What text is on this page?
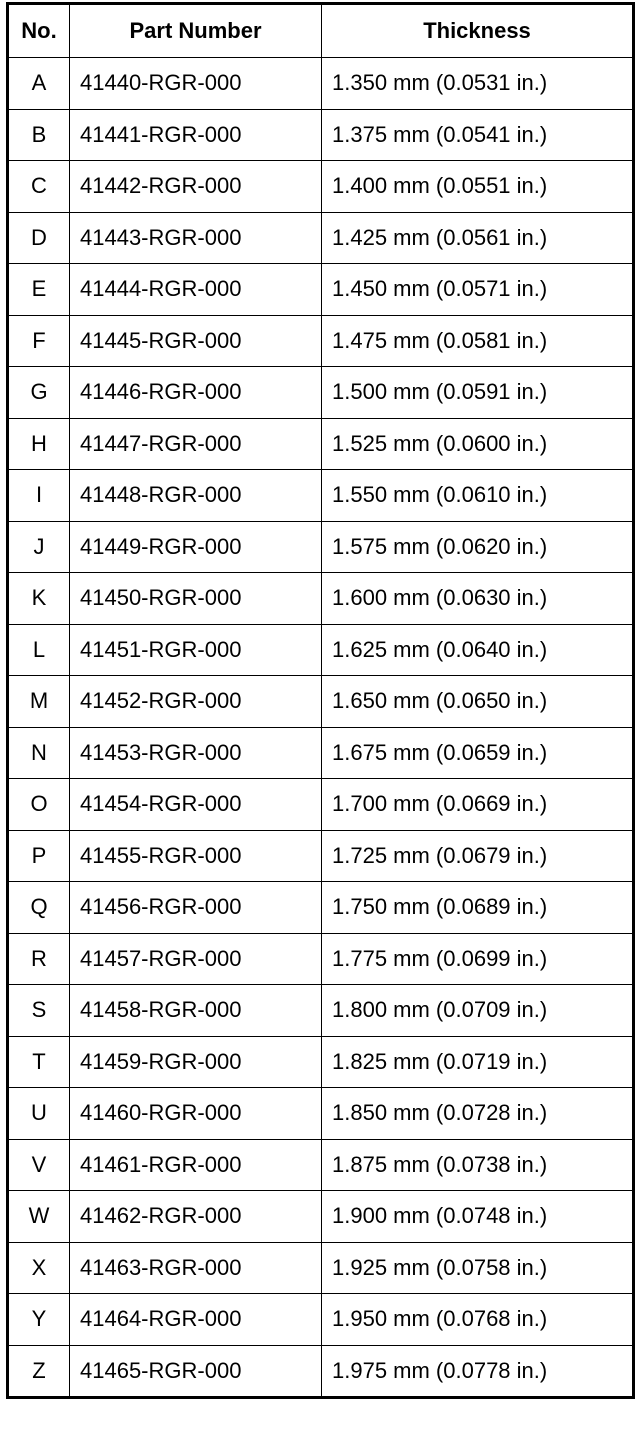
No.	Part Number	Thickness
A	41440-RGR-000	1.350 mm (0.0531 in.)
B	41441-RGR-000	1.375 mm (0.0541 in.)
C	41442-RGR-000	1.400 mm (0.0551 in.)
D	41443-RGR-000	1.425 mm (0.0561 in.)
E	41444-RGR-000	1.450 mm (0.0571 in.)
F	41445-RGR-000	1.475 mm (0.0581 in.)
G	41446-RGR-000	1.500 mm (0.0591 in.)
H	41447-RGR-000	1.525 mm (0.0600 in.)
I	41448-RGR-000	1.550 mm (0.0610 in.)
J	41449-RGR-000	1.575 mm (0.0620 in.)
K	41450-RGR-000	1.600 mm (0.0630 in.)
L	41451-RGR-000	1.625 mm (0.0640 in.)
M	41452-RGR-000	1.650 mm (0.0650 in.)
N	41453-RGR-000	1.675 mm (0.0659 in.)
O	41454-RGR-000	1.700 mm (0.0669 in.)
P	41455-RGR-000	1.725 mm (0.0679 in.)
Q	41456-RGR-000	1.750 mm (0.0689 in.)
R	41457-RGR-000	1.775 mm (0.0699 in.)
S	41458-RGR-000	1.800 mm (0.0709 in.)
T	41459-RGR-000	1.825 mm (0.0719 in.)
U	41460-RGR-000	1.850 mm (0.0728 in.)
V	41461-RGR-000	1.875 mm (0.0738 in.)
W	41462-RGR-000	1.900 mm (0.0748 in.)
X	41463-RGR-000	1.925 mm (0.0758 in.)
Y	41464-RGR-000	1.950 mm (0.0768 in.)
Z	41465-RGR-000	1.975 mm (0.0778 in.)
